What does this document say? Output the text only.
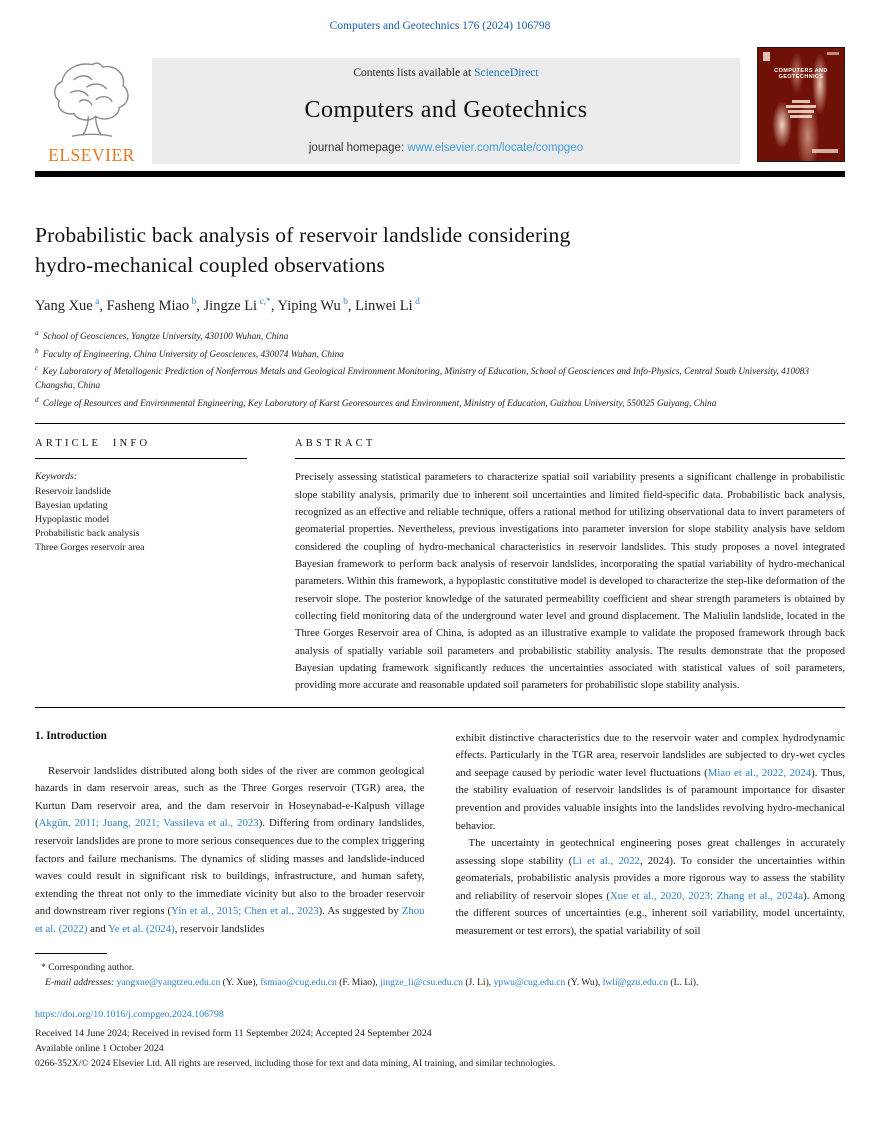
Computers and Geotechnics 176 (2024) 106798
ELSEVIER
Contents lists available at ScienceDirect
Computers and Geotechnics
journal homepage: www.elsevier.com/locate/compgeo
COMPUTERS AND GEOTECHNICS
Probabilistic back analysis of reservoir landslide considering
hydro-mechanical coupled observations
Yang Xue $^a$, Fasheng Miao $^b$, Jingze Li $^{c,*}$, Yiping Wu $^b$, Linwei Li $^d$
$^a$ School of Geosciences, Yangtze University, 430100 Wuhan, China
$^b$ Faculty of Engineering, China University of Geosciences, 430074 Wuhan, China
$^c$ Key Laboratory of Metallogenic Prediction of Nonferrous Metals and Geological Environment Monitoring, Ministry of Education, School of Geosciences and Info-Physics, Central South University, 410083 Changsha, China
$^d$ College of Resources and Environmental Engineering, Key Laboratory of Karst Georesources and Environment, Ministry of Education, Guizhou University, 550025 Guiyang, China
ARTICLE INFO
Keywords:
Reservoir landslide
Bayesian updating
Hypoplastic model
Probabilistic back analysis
Three Gorges reservoir area
ABSTRACT

Precisely assessing statistical parameters to characterize spatial soil variability presents a significant challenge in probabilistic slope stability analysis, primarily due to inherent soil uncertainties and limited field-specific data. Probabilistic back analysis, recognized as an effective and reliable technique, offers a rational method for utilizing observational data to invert parameters of geomaterial properties. Nevertheless, previous investigations into parameter inversion for slope stability analysis have seldom considered the coupling of hydro-mechanical characteristics in reservoir landslides. This study proposes a novel integrated Bayesian framework to perform back analysis of reservoir landslides, incorporating the spatial variability of hydro-mechanical parameters. Within this framework, a hypoplastic constitutive model is developed to characterize the step-like deformation of the reservoir slope. The posterior knowledge of the saturated permeability coefficient and shear strength parameters is obtained by collecting field monitoring data of the underground water level and ground displacement. The Maliulin landslide, located in the Three Gorges Reservoir area of China, is adopted as an illustrative example to validate the proposed framework through back analysis of spatially variable soil parameters and probabilistic stability analysis. The results demonstrate that the proposed Bayesian updating framework significantly reduces the uncertainties associated with statistical values of soil parameters, providing more accurate and reasonable updated soil parameters for probabilistic slope stability analysis.

1. Introduction

Reservoir landslides distributed along both sides of the river are common geological hazards in dam reservoir areas, such as the Three Gorges reservoir (TGR) area, the Kurtun Dam reservoir area, and the dam reservoir in Hoseynabad-e-Kalpush village (Akgün, 2011; Juang, 2021; Vassileva et al., 2023). Differing from ordinary landslides, reservoir landslides are prone to more serious consequences due to the complex triggering factors and failure mechanisms. The dynamics of sliding masses and landslide-induced waves could result in significant risk to buildings, infrastructure, and human safety, extending the threat not only to the immediate vicinity but also to the broader reservoir and downstream river regions (Yin et al., 2015; Chen et al., 2023). As suggested by Zhou et al. (2022) and Ye et al. (2024), reservoir landslides

exhibit distinctive characteristics due to the reservoir water and complex hydrodynamic effects. Particularly in the TGR area, reservoir landslides are subjected to dry-wet cycles and seepage caused by periodic water level fluctuations (Miao et al., 2022, 2024). Thus, the stability evaluation of reservoir landslides is of paramount importance for disaster prevention and provides valuable insights into the landslides revolving hydro-mechanical behavior.

The uncertainty in geotechnical engineering poses great challenges in accurately assessing slope stability (Li et al., 2022, 2024). To consider the uncertainties within geomaterials, probabilistic analysis provides a more rigorous way to assess the stability and reliability of reservoir slopes (Xue et al., 2020, 2023; Zhang et al., 2024a). Among the different sources of uncertainties (e.g., inherent soil variability, model uncertainty, measurement or test errors), the spatial variability of soil

* Corresponding author.
E-mail addresses: yangxue@yangtzeu.edu.cn (Y. Xue), fsmiao@cug.edu.cn (F. Miao), jingze_li@csu.edu.cn (J. Li), ypwu@cug.edu.cn (Y. Wu), lwli@gzu.edu.cn (L. Li).
https://doi.org/10.1016/j.compgeo.2024.106798
Received 14 June 2024; Received in revised form 11 September 2024; Accepted 24 September 2024
Available online 1 October 2024
0266-352X/© 2024 Elsevier Ltd. All rights are reserved, including those for text and data mining, AI training, and similar technologies.
